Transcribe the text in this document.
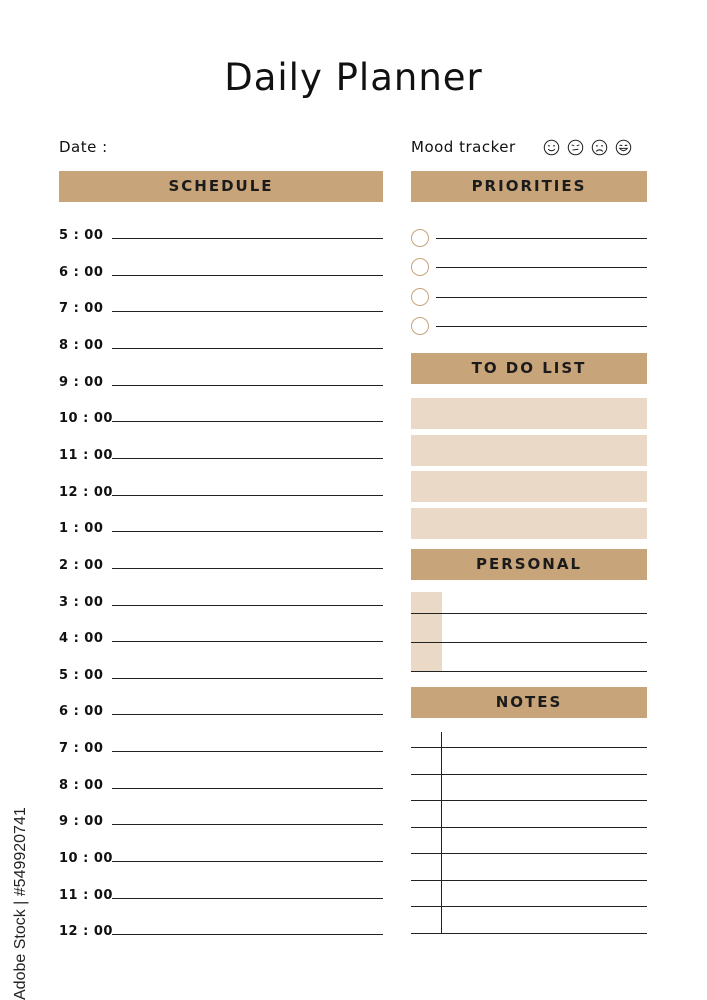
Daily Planner
Date :	Mood tracker
SCHEDULE
5 : 00
6 : 00
7 : 00
8 : 00
9 : 00
10 : 00
11 : 00
12 : 00
1 : 00
2 : 00
3 : 00
4 : 00
5 : 00
6 : 00
7 : 00
8 : 00
9 : 00
10 : 00
11 : 00
12 : 00
PRIORITIES
TO DO LIST
PERSONAL
NOTES
Adobe Stock | #549920741
